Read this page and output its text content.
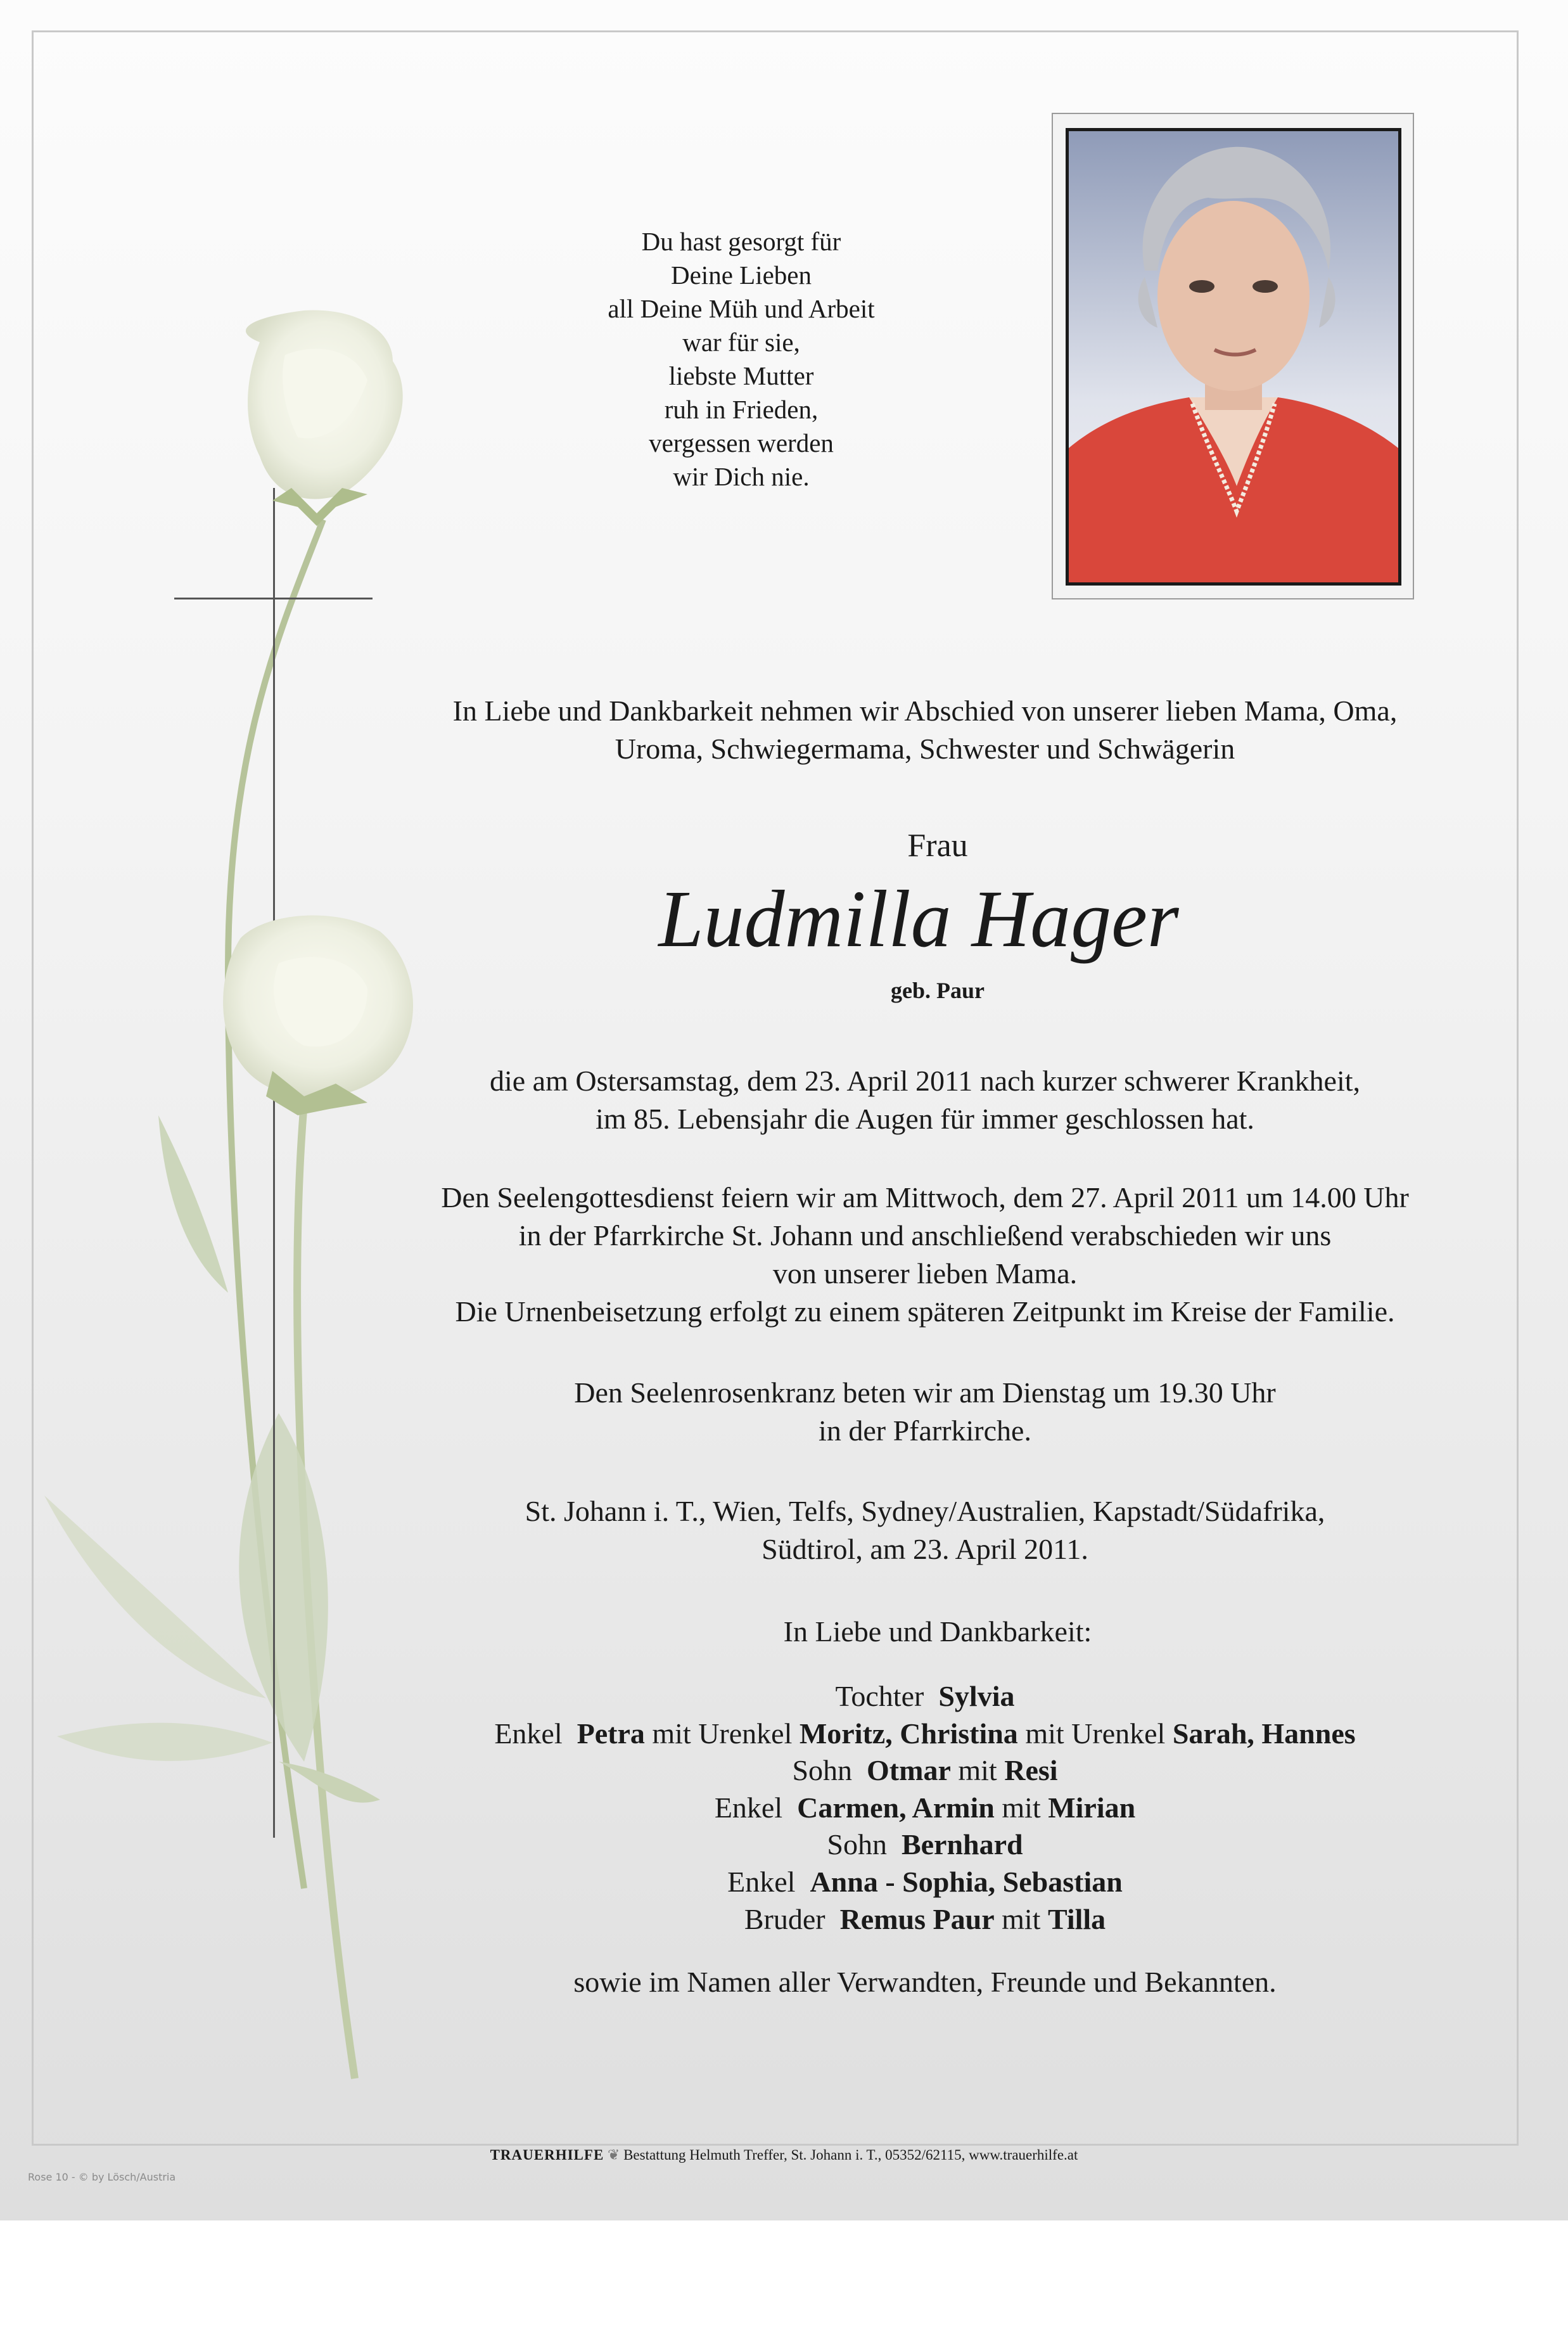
Du hast gesorgt für
Deine Lieben
all Deine Müh und Arbeit
war für sie,
liebste Mutter
ruh in Frieden,
vergessen werden
wir Dich nie.
In Liebe und Dankbarkeit nehmen wir Abschied von unserer lieben Mama, Oma,
Uroma, Schwiegermama, Schwester und Schwägerin
Frau
Ludmilla Hager
geb. Paur
die am Ostersamstag, dem 23. April 2011 nach kurzer schwerer Krankheit,
im 85. Lebensjahr die Augen für immer geschlossen hat.
Den Seelengottesdienst feiern wir am Mittwoch, dem 27. April 2011 um 14.00 Uhr
in der Pfarrkirche St. Johann und anschließend verabschieden wir uns
von unserer lieben Mama.
Die Urnenbeisetzung erfolgt zu einem späteren Zeitpunkt im Kreise der Familie.
Den Seelenrosenkranz beten wir am Dienstag um 19.30 Uhr
in der Pfarrkirche.
St. Johann i. T., Wien, Telfs, Sydney/Australien, Kapstadt/Südafrika,
Südtirol, am 23. April 2011.
In Liebe und Dankbarkeit:
Tochter Sylvia
Enkel Petra mit Urenkel Moritz, Christina mit Urenkel Sarah, Hannes
Sohn Otmar mit Resi
Enkel Carmen, Armin mit Mirian
Sohn Bernhard
Enkel Anna - Sophia, Sebastian
Bruder Remus Paur mit Tilla
sowie im Namen aller Verwandten, Freunde und Bekannten.
TRAUERHILFE ❦ Bestattung Helmuth Treffer, St. Johann i. T., 05352/62115, www.trauerhilfe.at
Rose 10 - © by Lösch/Austria
